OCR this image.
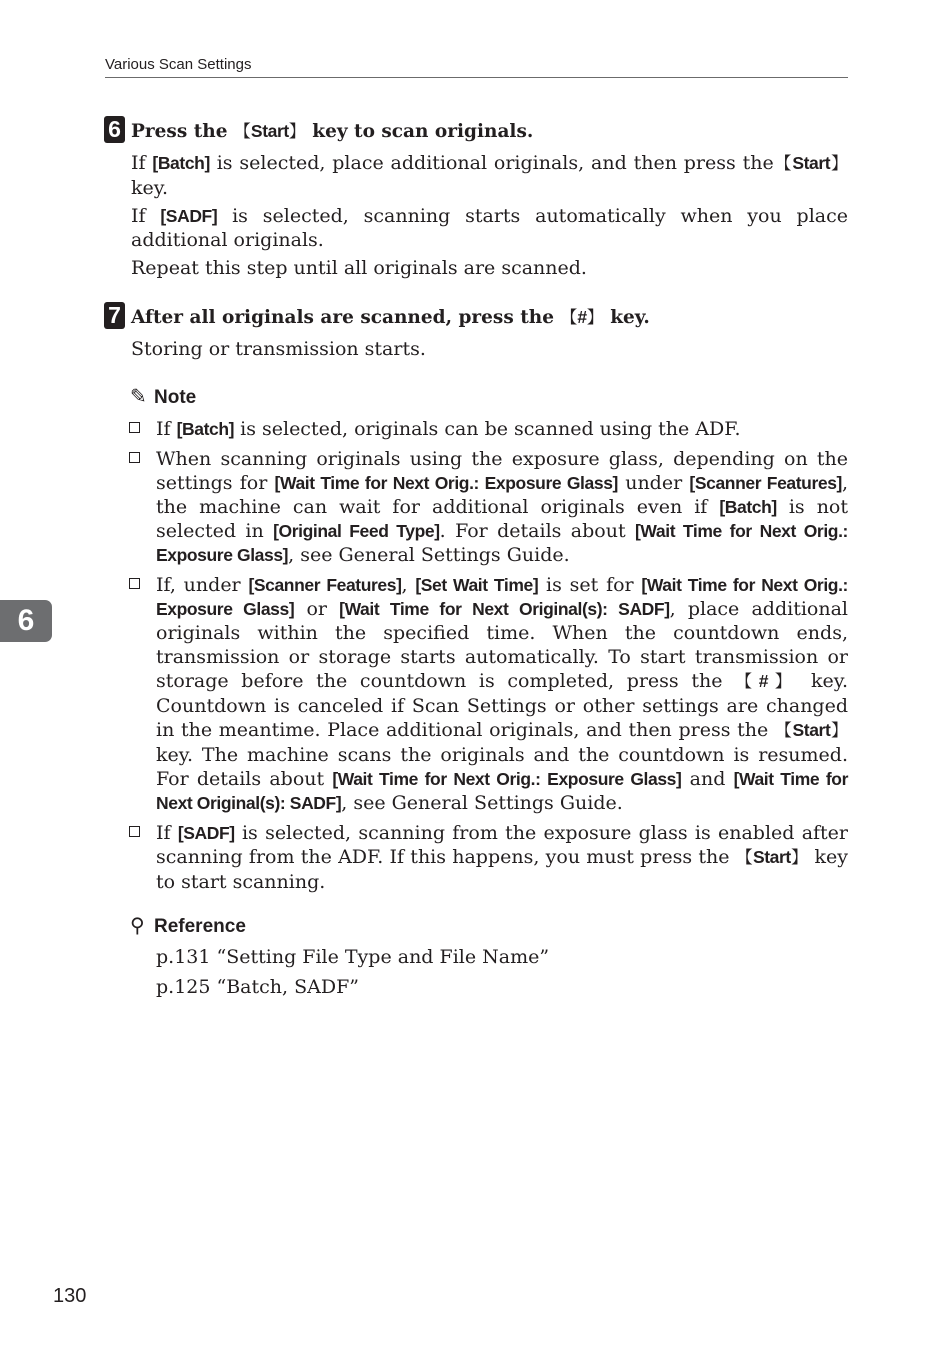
Various Scan Settings
6 Press the 【Start】 key to scan originals.

If [Batch] is selected, place additional originals, and then press the【Start】key.

If [SADF] is selected, scanning starts automatically when you place additional originals.

Repeat this step until all originals are scanned.

7 After all originals are scanned, press the 【#】 key.

Storing or transmission starts.

✎ Note
If [Batch] is selected, originals can be scanned using the ADF.
When scanning originals using the exposure glass, depending on the settings for [Wait Time for Next Orig.: Exposure Glass] under [Scanner Features], the machine can wait for additional originals even if [Batch] is not selected in [Original Feed Type]. For details about [Wait Time for Next Orig.: Exposure Glass], see General Settings Guide.
If, under [Scanner Features], [Set Wait Time] is set for [Wait Time for Next Orig.: Exposure Glass] or [Wait Time for Next Original(s): SADF], place additional originals within the specified time. When the countdown ends, transmission or storage starts automatically. To start transmission or storage before the countdown is completed, press the 【#】 key. Countdown is canceled if Scan Settings or other settings are changed in the meantime. Place additional originals, and then press the 【Start】 key. The machine scans the originals and the countdown is resumed. For details about [Wait Time for Next Orig.: Exposure Glass] and [Wait Time for Next Original(s): SADF], see General Settings Guide.
If [SADF] is selected, scanning from the exposure glass is enabled after scanning from the ADF. If this happens, you must press the 【Start】 key to start scanning.
⚲ Reference

p.131 “Setting File Type and File Name”

p.125 “Batch, SADF”

6
130
